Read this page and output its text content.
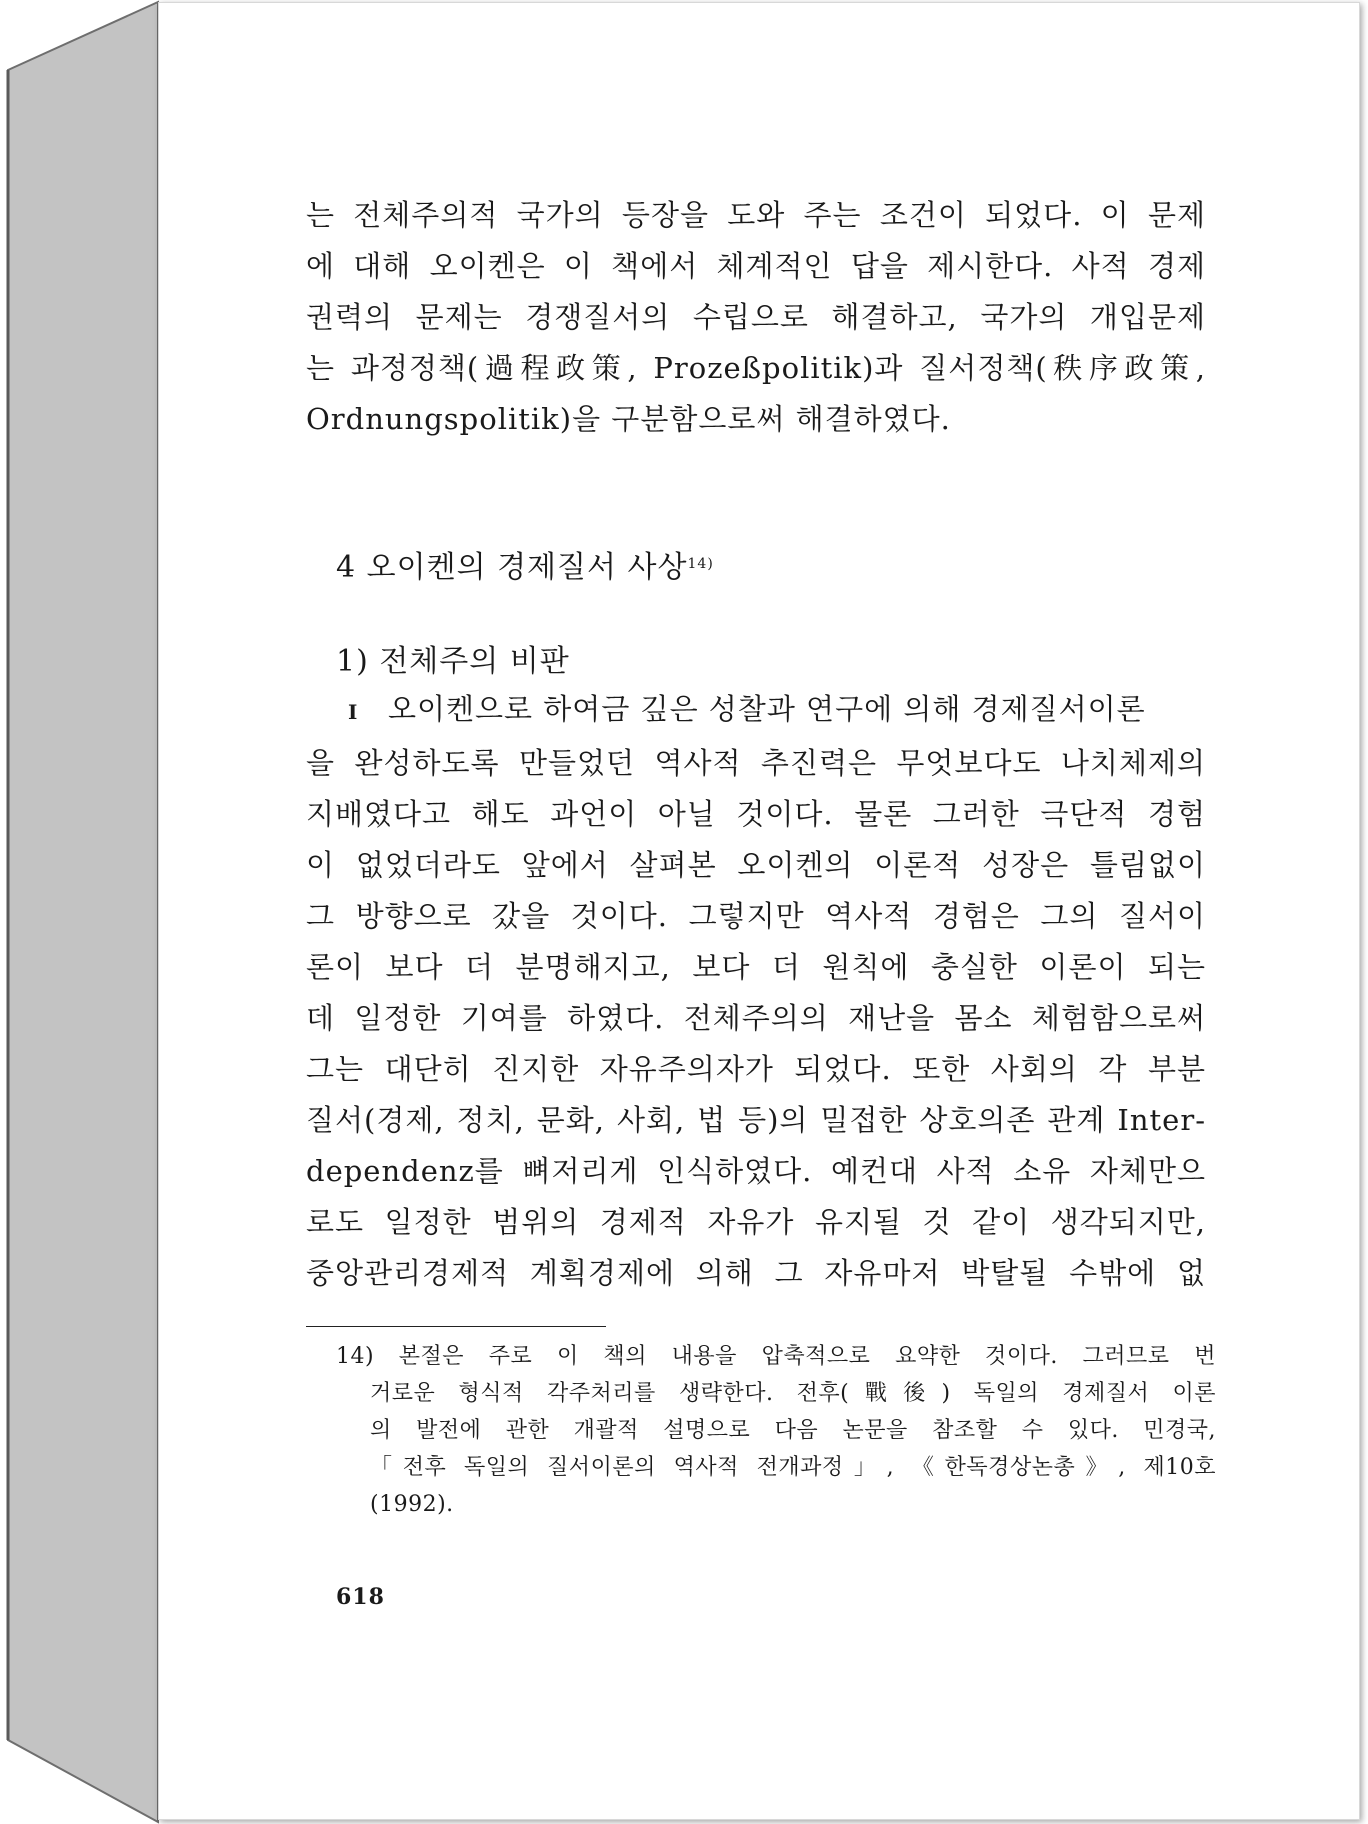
는 전체주의적 국가의 등장을 도와 주는 조건이 되었다. 이 문제
에 대해 오이켄은 이 책에서 체계적인 답을 제시한다. 사적 경제
권력의 문제는 경쟁질서의 수립으로 해결하고, 국가의 개입문제
는 과정정책(過程政策, Prozeßpolitik)과 질서정책(秩序政策,
Ordnungspolitik)을 구분함으로써 해결하였다.
4 오이켄의 경제질서 사상$^{14)}$
1) 전체주의 비판
I 오이켄으로 하여금 깊은 성찰과 연구에 의해 경제질서이론
을 완성하도록 만들었던 역사적 추진력은 무엇보다도 나치체제의
지배였다고 해도 과언이 아닐 것이다. 물론 그러한 극단적 경험
이 없었더라도 앞에서 살펴본 오이켄의 이론적 성장은 틀림없이
그 방향으로 갔을 것이다. 그렇지만 역사적 경험은 그의 질서이
론이 보다 더 분명해지고, 보다 더 원칙에 충실한 이론이 되는
데 일정한 기여를 하였다. 전체주의의 재난을 몸소 체험함으로써
그는 대단히 진지한 자유주의자가 되었다. 또한 사회의 각 부분
질서(경제, 정치, 문화, 사회, 법 등)의 밀접한 상호의존 관계 Inter-
dependenz를 뼈저리게 인식하였다. 예컨대 사적 소유 자체만으
로도 일정한 범위의 경제적 자유가 유지될 것 같이 생각되지만,
중앙관리경제적 계획경제에 의해 그 자유마저 박탈될 수밖에 없
14) 본절은 주로 이 책의 내용을 압축적으로 요약한 것이다. 그러므로 번
거로운 형식적 각주처리를 생략한다. 전후(戰後) 독일의 경제질서 이론
의 발전에 관한 개괄적 설명으로 다음 논문을 참조할 수 있다. 민경국,
「전후 독일의 질서이론의 역사적 전개과정」, 《한독경상논총》, 제10호
(1992).
618
